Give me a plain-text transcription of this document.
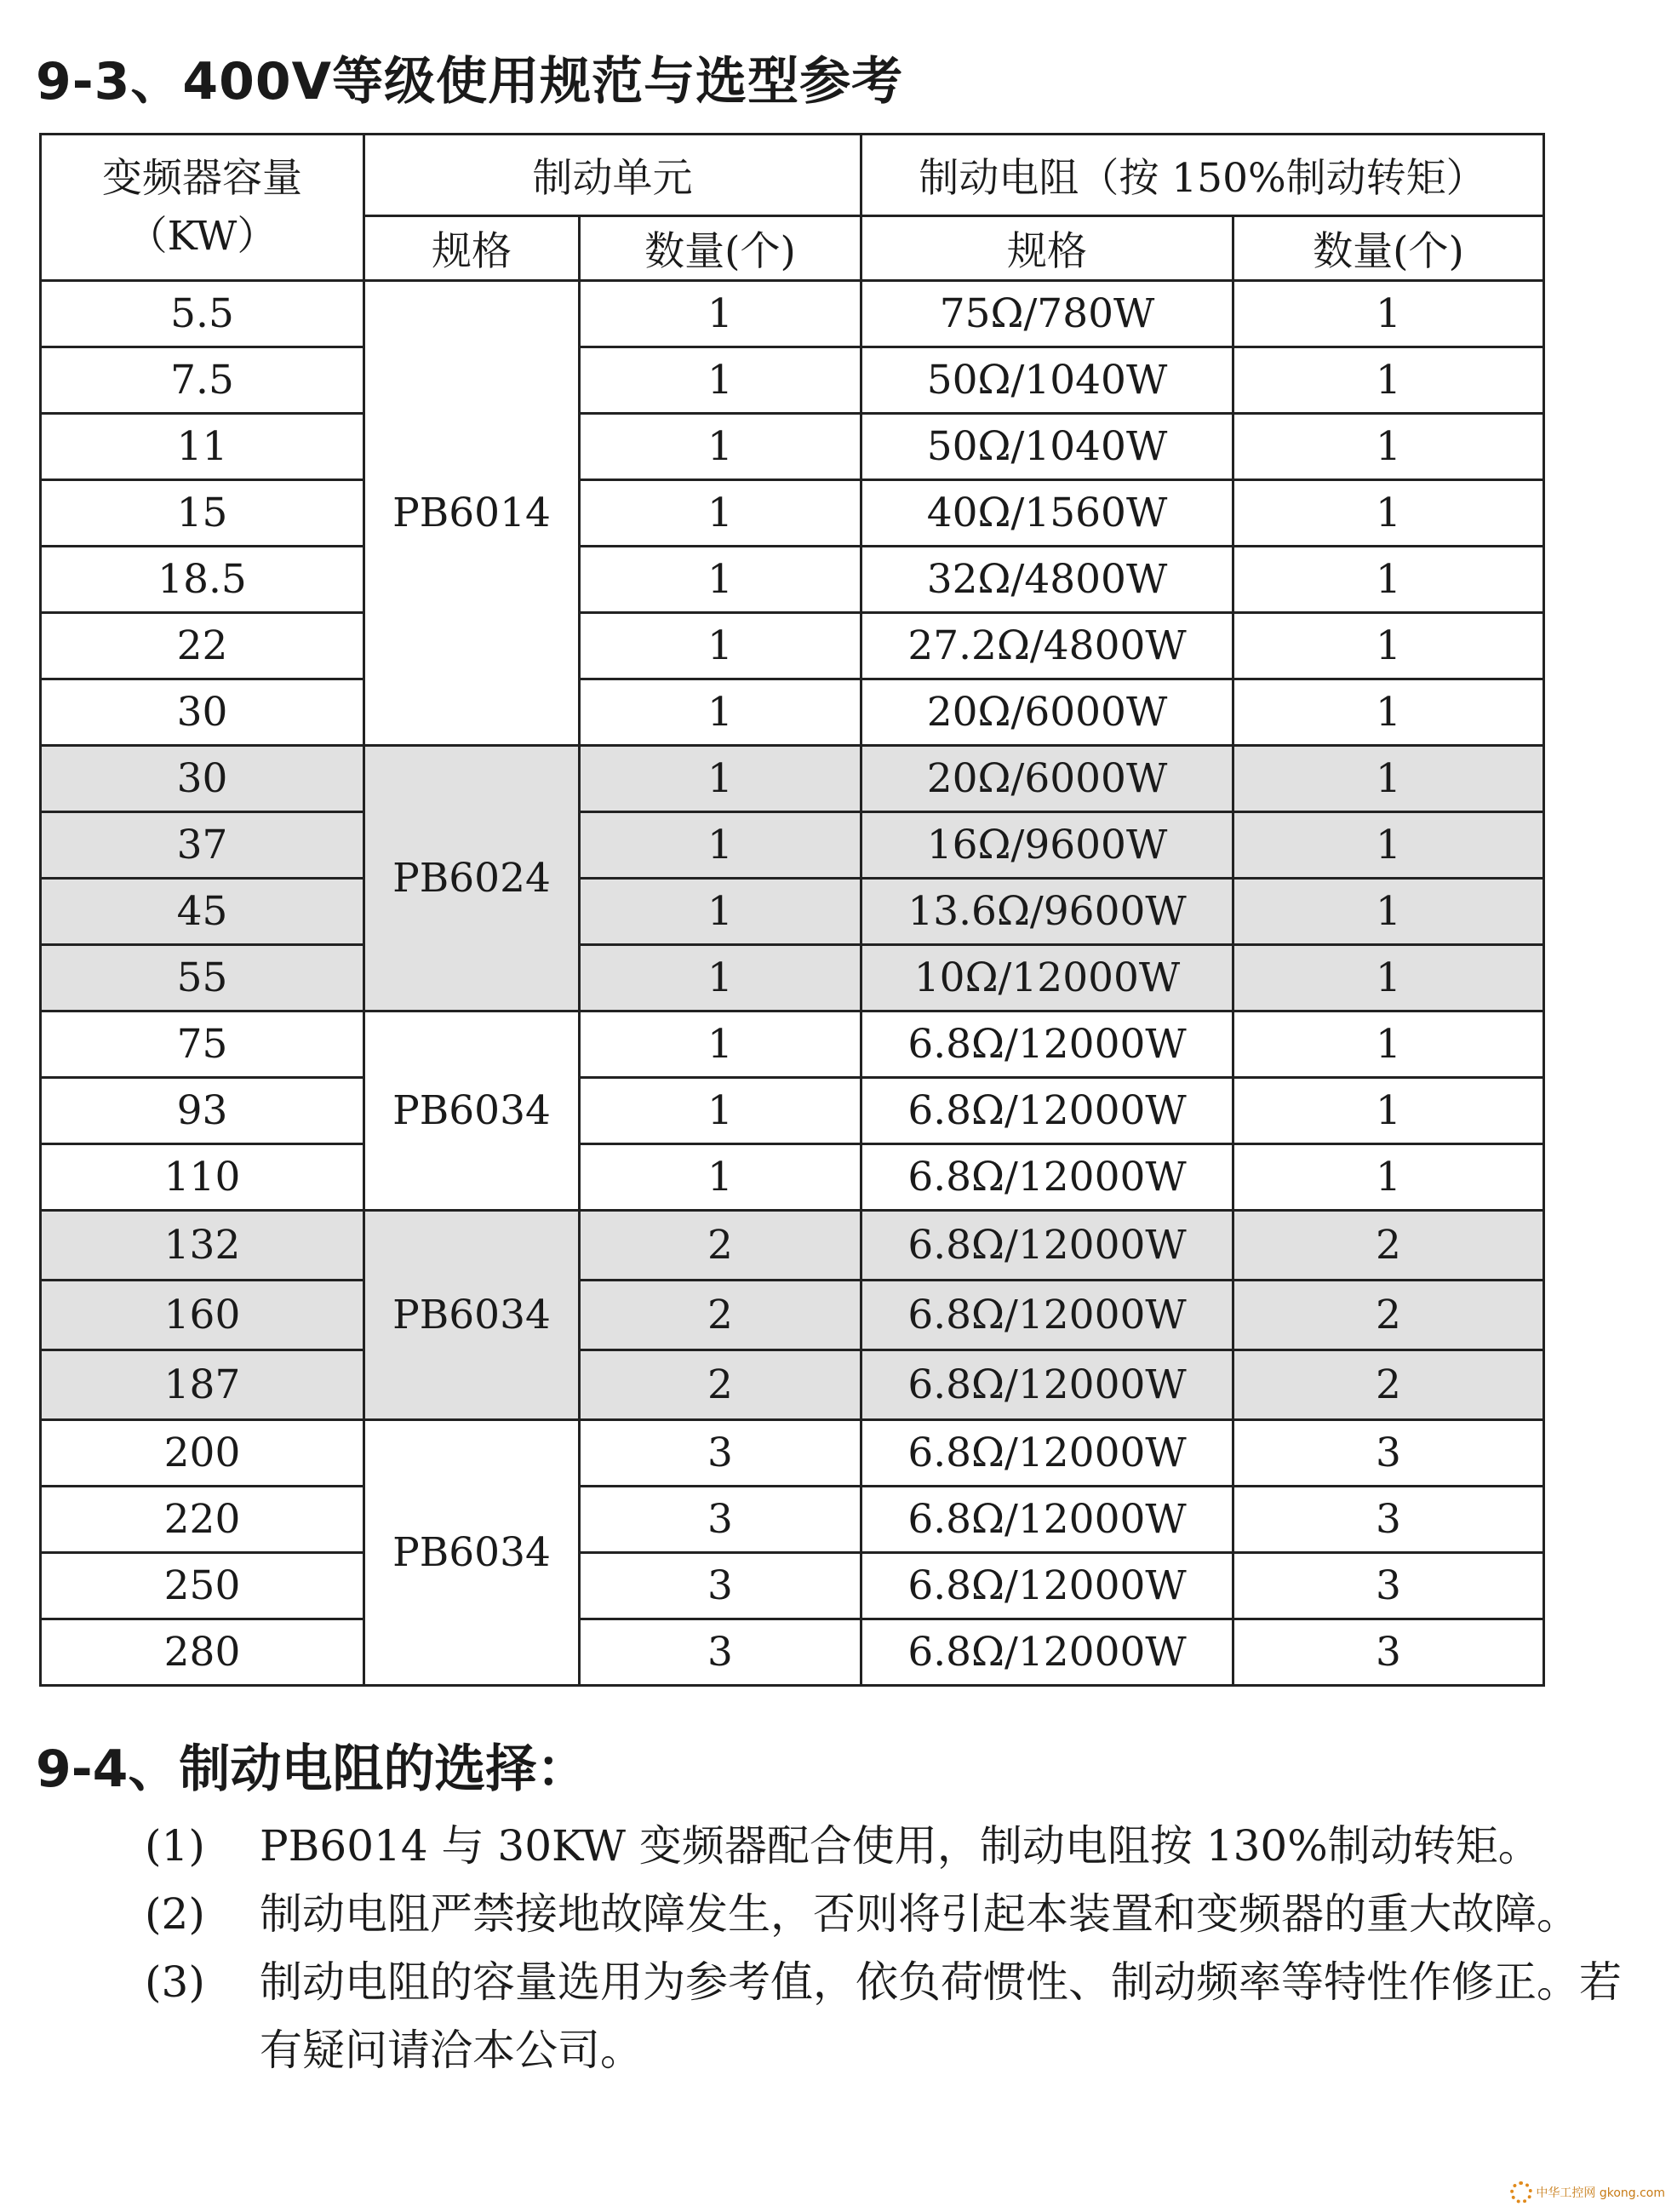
9-3、400V等级使用规范与选型参考
变频器容量
（KW）	制动单元		制动电阻（按 150%制动转矩）	
	规格	数量(个)	规格	数量(个)
5.5	PB6014	1	75Ω/780W	1
7.5		1	50Ω/1040W	1
11		1	50Ω/1040W	1
15		1	40Ω/1560W	1
18.5		1	32Ω/4800W	1
22		1	27.2Ω/4800W	1
30		1	20Ω/6000W	1
30	PB6024	1	20Ω/6000W	1
37		1	16Ω/9600W	1
45		1	13.6Ω/9600W	1
55		1	10Ω/12000W	1
75	PB6034	1	6.8Ω/12000W	1
93		1	6.8Ω/12000W	1
110		1	6.8Ω/12000W	1
132	PB6034	2	6.8Ω/12000W	2
160		2	6.8Ω/12000W	2
187		2	6.8Ω/12000W	2
200	PB6034	3	6.8Ω/12000W	3
220		3	6.8Ω/12000W	3
250		3	6.8Ω/12000W	3
280		3	6.8Ω/12000W	3
9-4、制动电阻的选择：
(1) PB6014 与 30KW 变频器配合使用，制动电阻按 130%制动转矩。
(2) 制动电阻严禁接地故障发生，否则将引起本装置和变频器的重大故障。
(3) 制动电阻的容量选用为参考值，依负荷惯性、制动频率等特性作修正。若有疑问请洽本公司。
中华工控网 gkong.com
